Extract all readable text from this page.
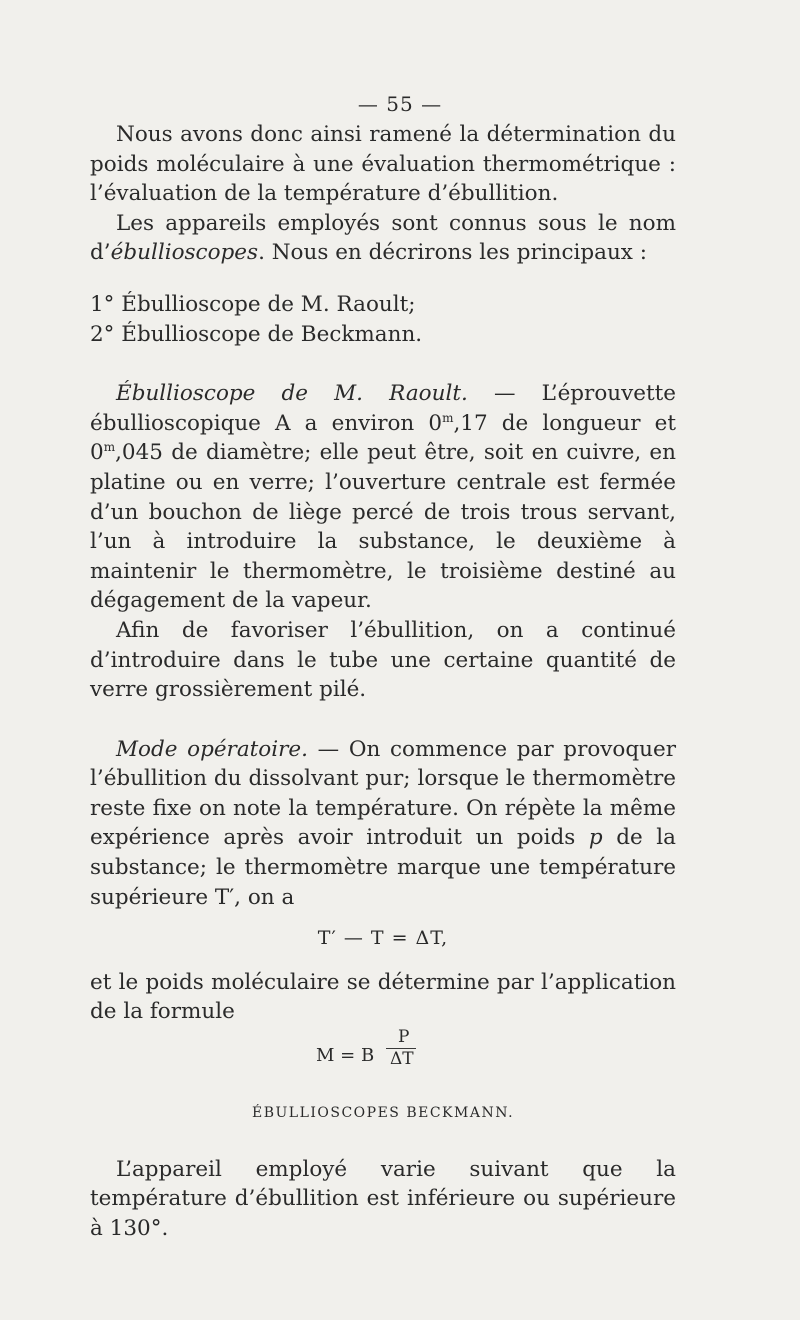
— 55 —

Nous avons donc ainsi ramené la détermination du poids moléculaire à une évaluation thermométrique : l’évaluation de la température d’ébullition.

Les appareils employés sont connus sous le nom d’ébullioscopes. Nous en décrirons les principaux :

1° Ébullioscope de M. Raoult;

2° Ébullioscope de Beckmann.

Ébullioscope de M. Raoult. — L’éprouvette ébullioscopique A a environ 0$^m$,17 de longueur et 0$^m$,045 de diamètre; elle peut être, soit en cuivre, en platine ou en verre; l’ouverture centrale est fermée d’un bouchon de liège percé de trois trous servant, l’un à introduire la substance, le deuxième à maintenir le thermomètre, le troisième destiné au dégagement de la vapeur.

Afin de favoriser l’ébullition, on a continué d’introduire dans le tube une certaine quantité de verre grossièrement pilé.

Mode opératoire. — On commence par provoquer l’ébullition du dissolvant pur; lorsque le thermomètre reste fixe on note la température. On répète la même expérience après avoir introduit un poids p de la substance; le thermomètre marque une température supérieure T′, on a

T′ — T = ΔT,

et le poids moléculaire se détermine par l’application de la formule

M = B
P
ΔT

ÉBULLIOSCOPES BECKMANN.

L’appareil employé varie suivant que la température d’ébullition est inférieure ou supérieure à 130°.
